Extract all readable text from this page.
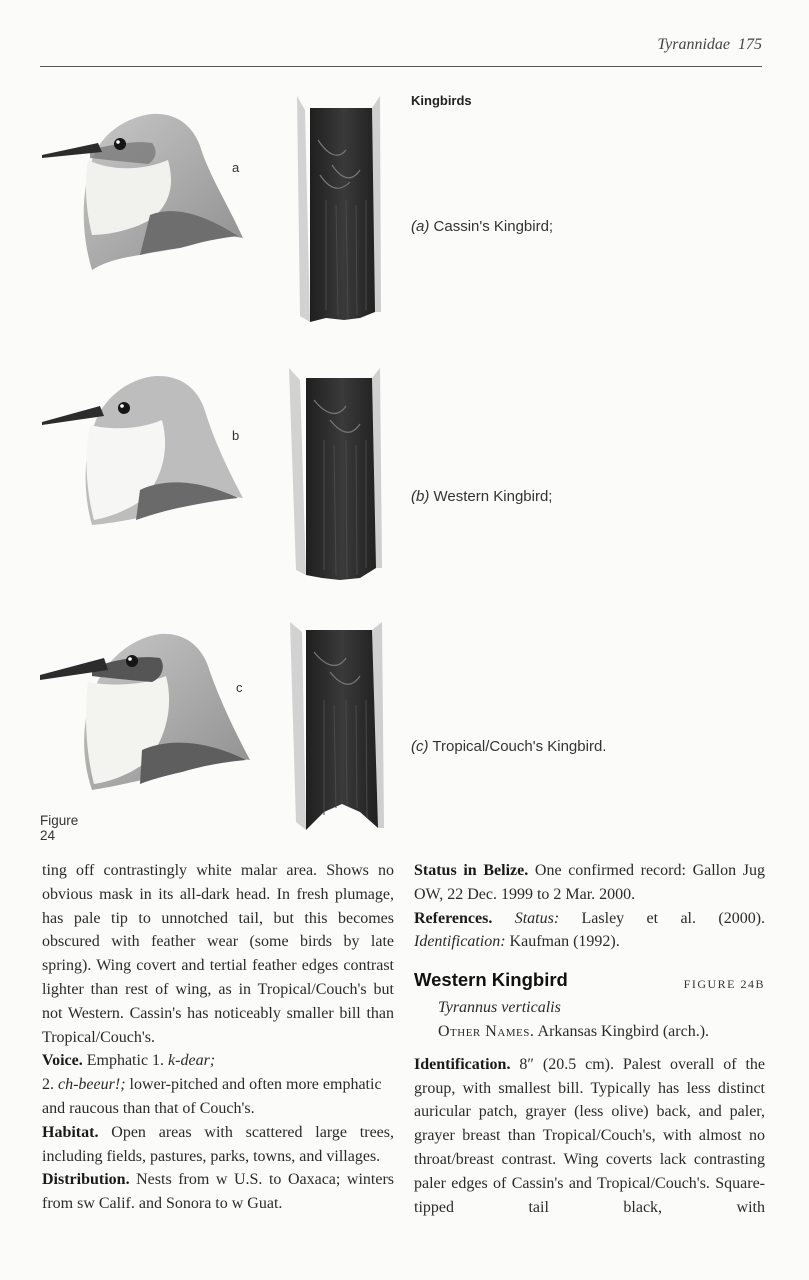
Tyrannidae 175
Kingbirds
a
b
c
(a) Cassin's Kingbird;
(b) Western Kingbird;
(c) Tropical/Couch's Kingbird.
Figure 24

ting off contrastingly white malar area. Shows no obvious mask in its all-dark head. In fresh plumage, has pale tip to unnotched tail, but this becomes obscured with feather wear (some birds by late spring). Wing covert and tertial feather edges contrast lighter than rest of wing, as in Tropical/Couch's but not Western. Cassin's has noticeably smaller bill than Tropical/Couch's.

Voice. Emphatic 1. k-dear;
2. ch-beeur!; lower-pitched and often more emphatic and raucous than that of Couch's.

Habitat. Open areas with scattered large trees, including fields, pastures, parks, towns, and villages.

Distribution. Nests from w U.S. to Oaxaca; winters from sw Calif. and Sonora to w Guat.

Status in Belize. One confirmed record: Gallon Jug OW, 22 Dec. 1999 to 2 Mar. 2000.

References. Status: Lasley et al. (2000). Identification: Kaufman (1992).

Western Kingbird	FIGURE 24B

Tyrannus verticalis

Other Names. Arkansas Kingbird (arch.).

Identification. 8″ (20.5 cm). Palest overall of the group, with smallest bill. Typically has less distinct auricular patch, grayer (less olive) back, and paler, grayer breast than Tropical/Couch's, with almost no throat/breast contrast. Wing coverts lack contrasting paler edges of Cassin's and Tropical/Couch's. Square-tipped tail black, with
